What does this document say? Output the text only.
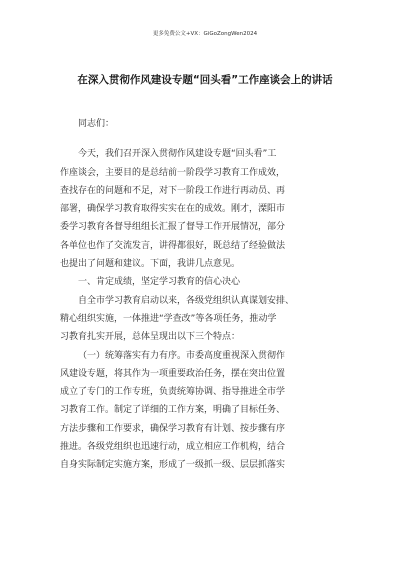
更多免费公文+VX：GiGoZongWen2024
在深入贯彻作风建设专题“回头看”工作座谈会上的讲话
同志们：
今天，我们召开深入贯彻作风建设专题“回头看”工
作座谈会，主要目的是总结前一阶段学习教育工作成效，
查找存在的问题和不足，对下一阶段工作进行再动员、再
部署，确保学习教育取得实实在在的成效。刚才，溧阳市
委学习教育各督导组组长汇报了督导工作开展情况，部分
各单位也作了交流发言，讲得都很好，既总结了经验做法
也提出了问题和建议。下面，我讲几点意见。
一、肯定成绩，坚定学习教育的信心决心
自全市学习教育启动以来，各级党组织认真谋划安排、
精心组织实施，一体推进“学查改”等各项任务，推动学
习教育扎实开展，总体呈现出以下三个特点：
（一）统筹落实有力有序。市委高度重视深入贯彻作
风建设专题，将其作为一项重要政治任务，摆在突出位置
成立了专门的工作专班，负责统筹协调、指导推进全市学
习教育工作。制定了详细的工作方案，明确了目标任务、
方法步骤和工作要求，确保学习教育有计划、按步骤有序
推进。各级党组织也迅速行动，成立相应工作机构，结合
自身实际制定实施方案，形成了一级抓一级、层层抓落实
